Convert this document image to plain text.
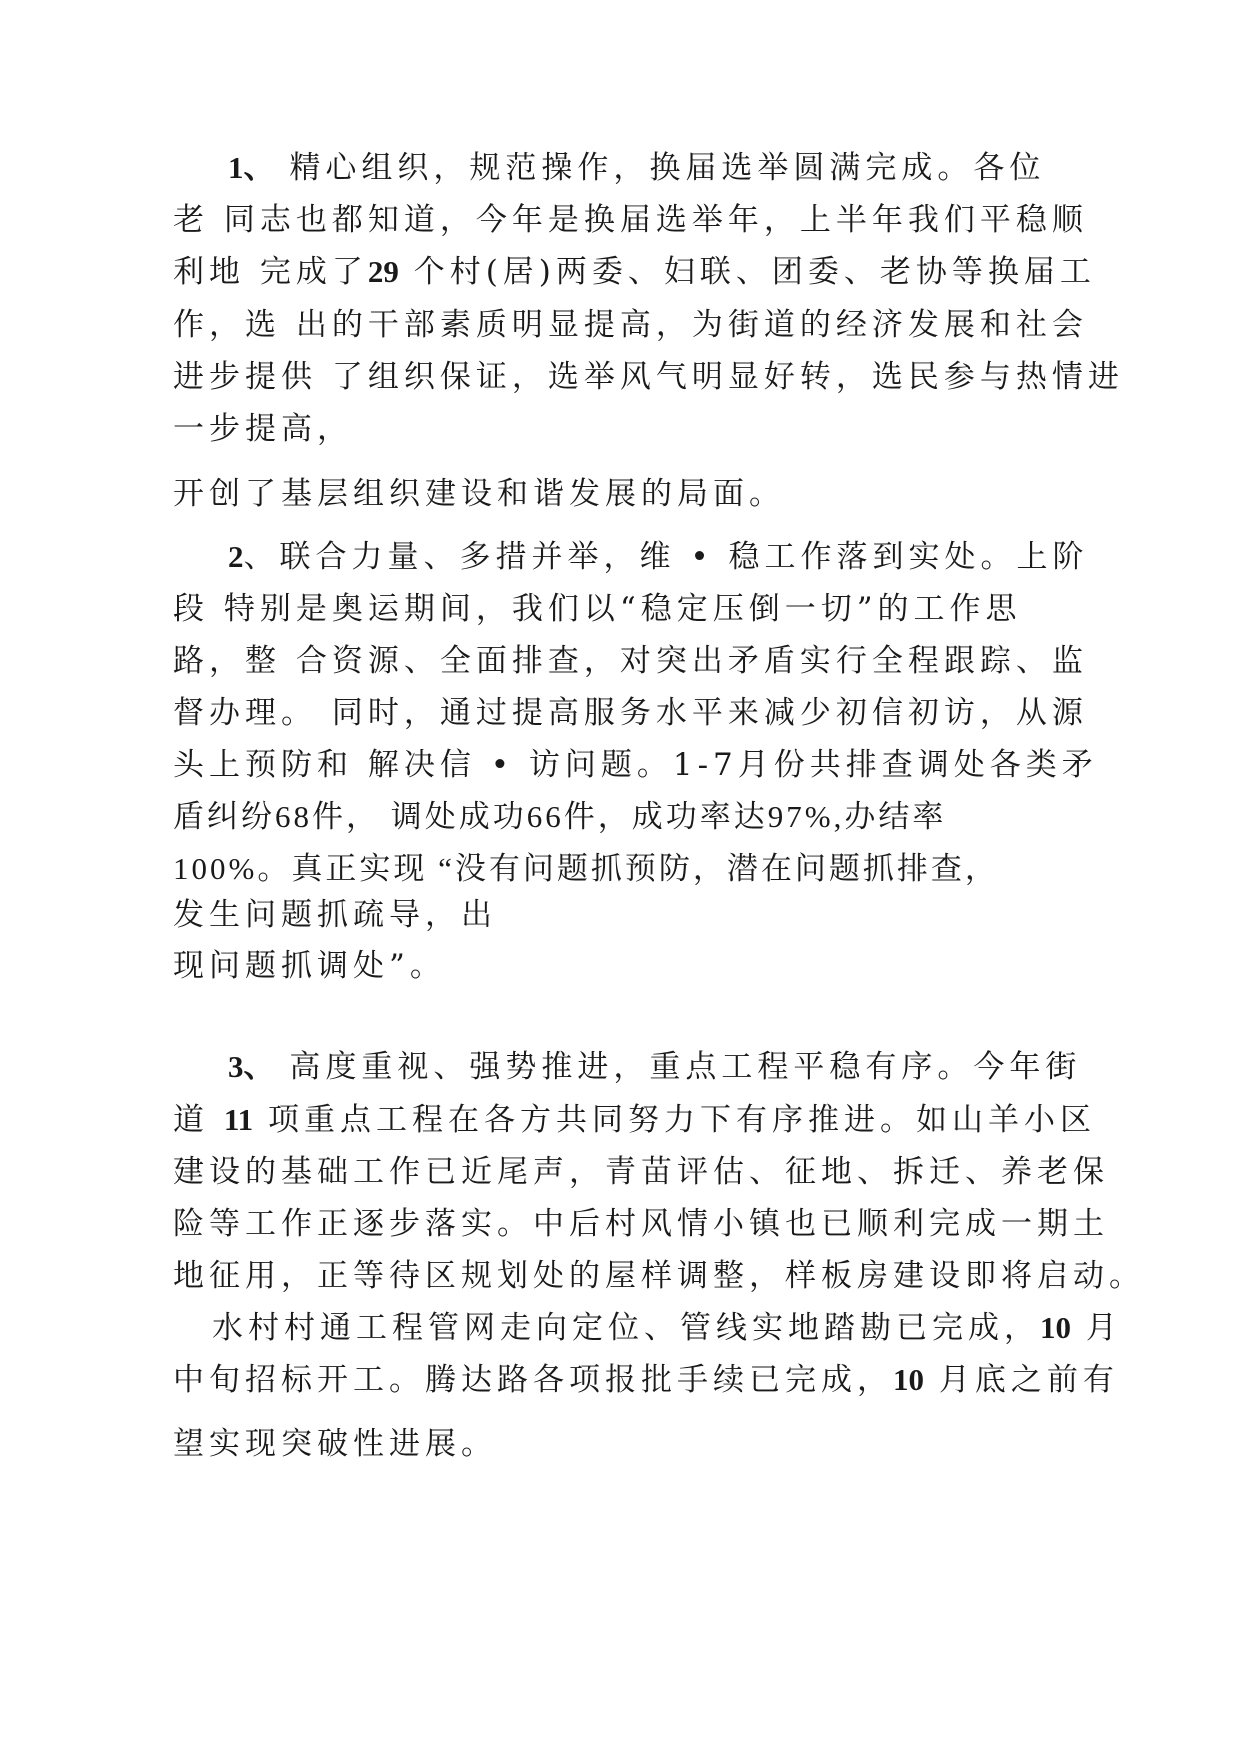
1、 精心组织，规范操作，换届选举圆满完成。各位
老 同志也都知道，今年是换届选举年，上半年我们平稳顺
利地 完成了29 个村(居)两委、妇联、团委、老协等换届工
作，选 出的干部素质明显提高，为街道的经济发展和社会
进步提供 了组织保证，选举风气明显好转，选民参与热情进
一步提高，
开创了基层组织建设和谐发展的局面。
2、联合力量、多措并举，维 • 稳工作落到实处。上阶
段 特别是奥运期间，我们以“稳定压倒一切”的工作思
路，整 合资源、全面排查，对突出矛盾实行全程跟踪、监
督办理。 同时，通过提高服务水平来减少初信初访，从源
头上预防和 解决信 • 访问题。1-7月份共排查调处各类矛
盾纠纷68件， 调处成功66件，成功率达97%,办结率
100%。真正实现 “没有问题抓预防，潜在问题抓排查，
发生问题抓疏导，出
现问题抓调处”。
3、 高度重视、强势推进，重点工程平稳有序。今年街
道 11 项重点工程在各方共同努力下有序推进。如山羊小区
建设的基础工作已近尾声，青苗评估、征地、拆迁、养老保
险等工作正逐步落实。中后村风情小镇也已顺利完成一期土
地征用，正等待区规划处的屋样调整，样板房建设即将启动。
水村村通工程管网走向定位、管线实地踏勘已完成，10 月
中旬招标开工。腾达路各项报批手续已完成，10 月底之前有
望实现突破性进展。
